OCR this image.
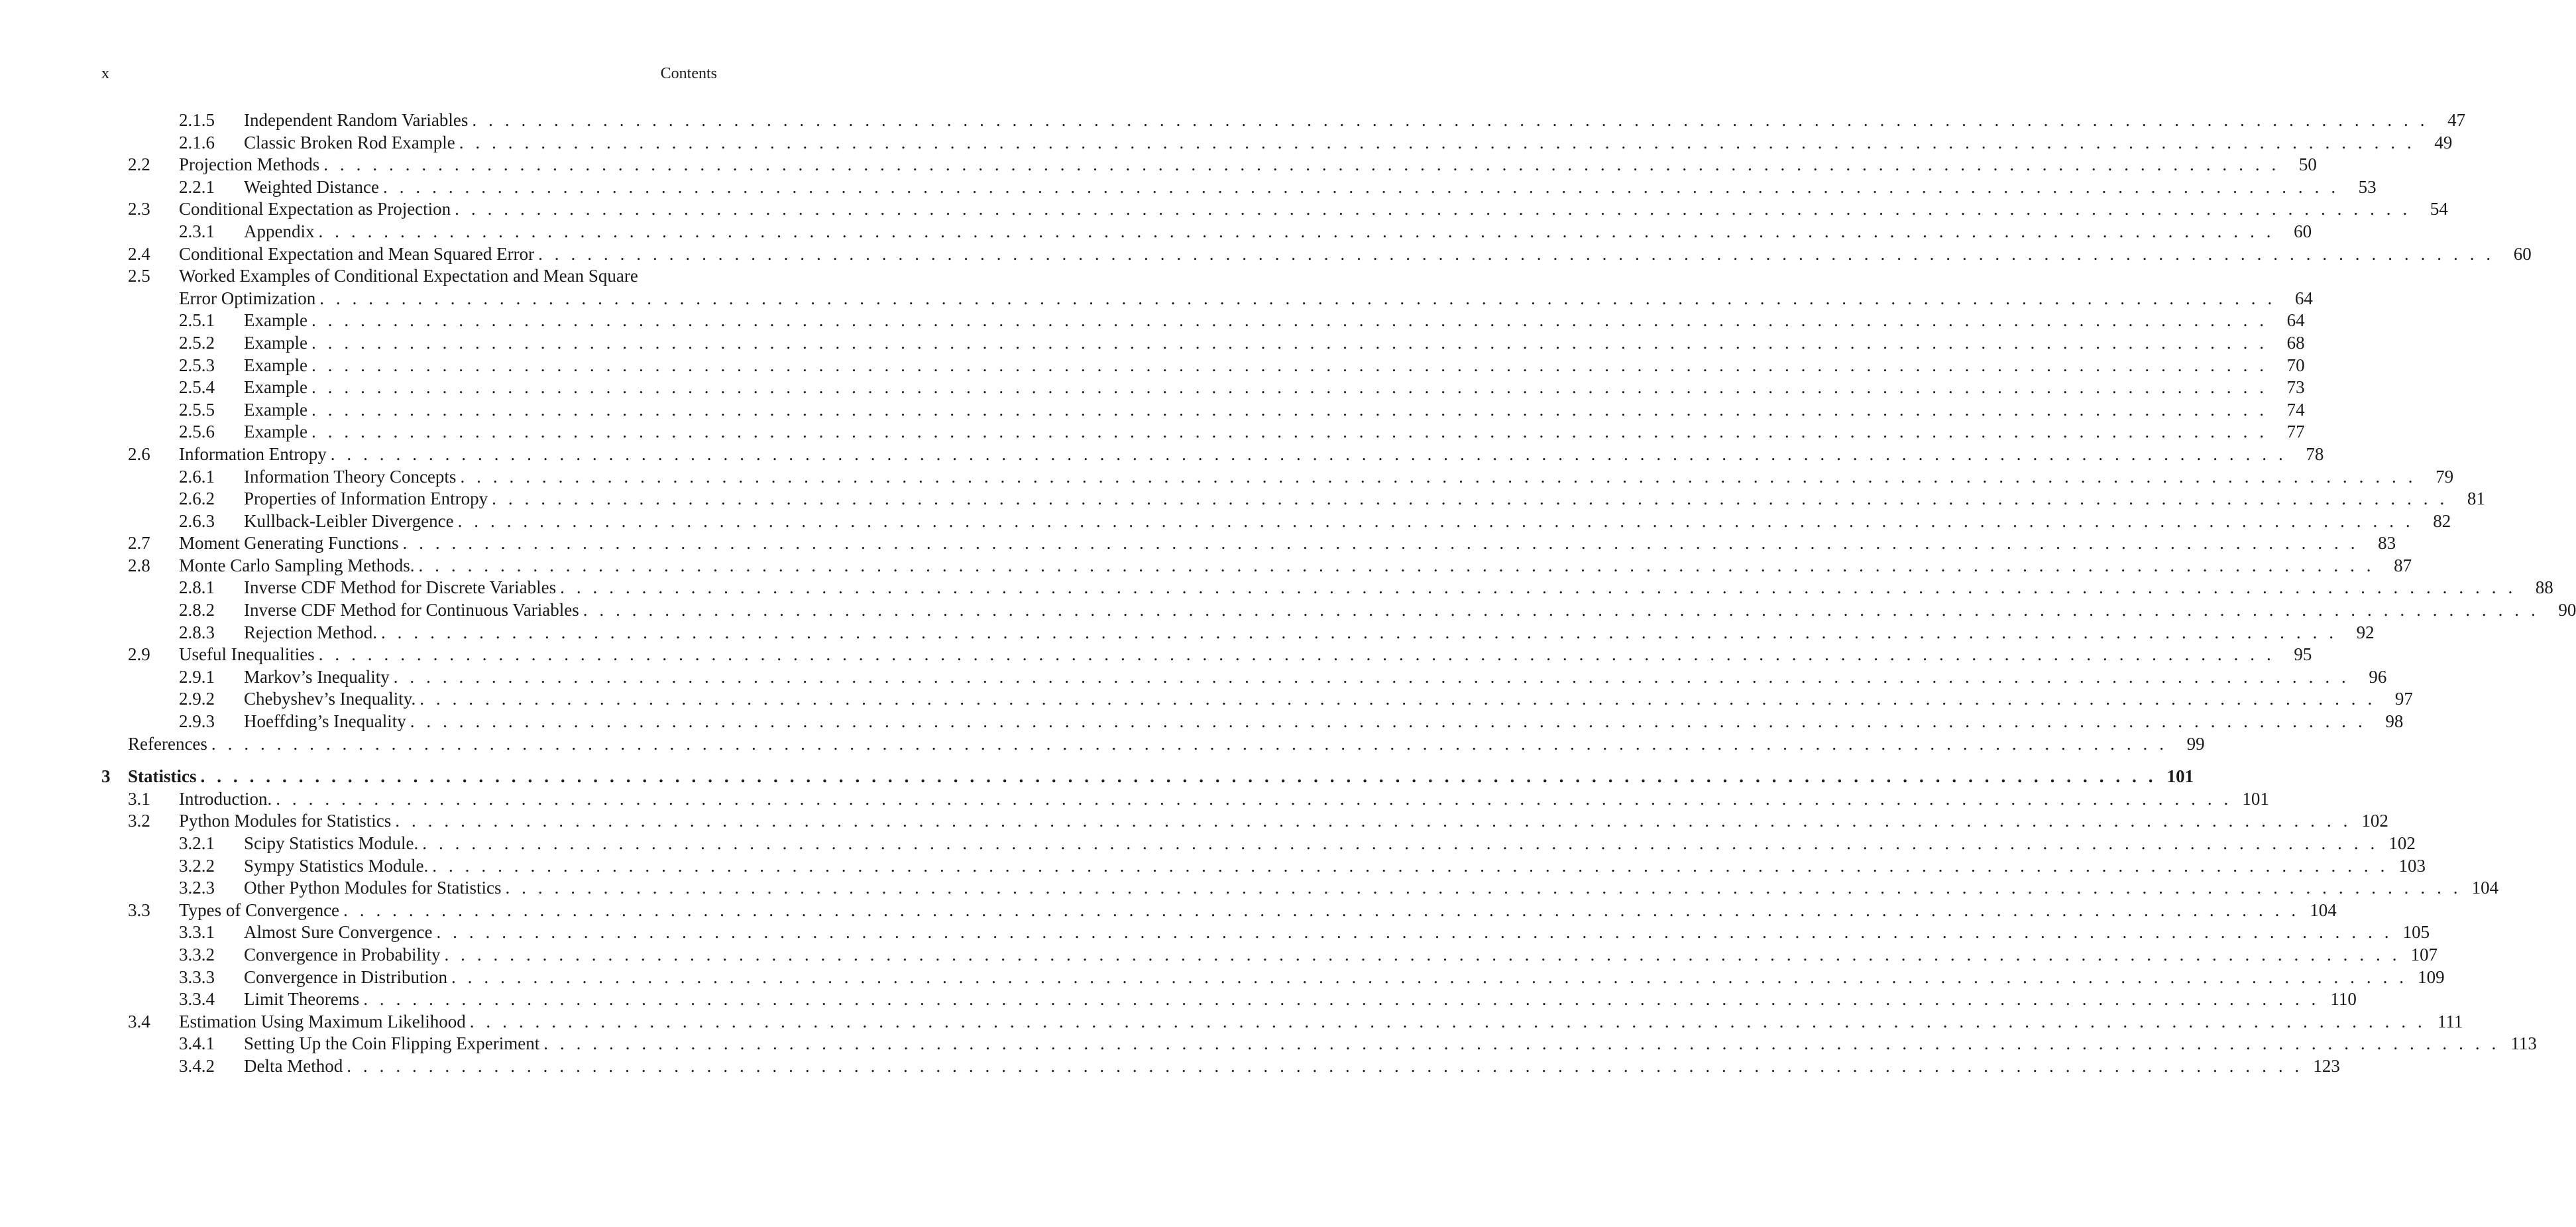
x	Contents
2.1.5 Independent Random Variables . . . . . . . . . . . . . . . . . . . . . . . . . . . . . . . . . . . . . . . . . . . . . . . . . . . . . . . . . . . . . . . . . . . . . . . . . . . . . . . . . . . . . . . . . . . . . . . . . . . . . . . . . . . . . . . . . . . . . . . .	47
2.1.6 Classic Broken Rod Example . . . . . . . . . . . . . . . . . . . . . . . . . . . . . . . . . . . . . . . . . . . . . . . . . . . . . . . . . . . . . . . . . . . . . . . . . . . . . . . . . . . . . . . . . . . . . . . . . . . . . . . . . . . . . . . . . . . . . . . .	49
2.2 Projection Methods . . . . . . . . . . . . . . . . . . . . . . . . . . . . . . . . . . . . . . . . . . . . . . . . . . . . . . . . . . . . . . . . . . . . . . . . . . . . . . . . . . . . . . . . . . . . . . . . . . . . . . . . . . . . . . . . . . . . . . . .	50
2.2.1 Weighted Distance . . . . . . . . . . . . . . . . . . . . . . . . . . . . . . . . . . . . . . . . . . . . . . . . . . . . . . . . . . . . . . . . . . . . . . . . . . . . . . . . . . . . . . . . . . . . . . . . . . . . . . . . . . . . . . . . . . . . . . . .	53
2.3 Conditional Expectation as Projection . . . . . . . . . . . . . . . . . . . . . . . . . . . . . . . . . . . . . . . . . . . . . . . . . . . . . . . . . . . . . . . . . . . . . . . . . . . . . . . . . . . . . . . . . . . . . . . . . . . . . . . . . . . . . . . . . . . . . . . .	54
2.3.1 Appendix . . . . . . . . . . . . . . . . . . . . . . . . . . . . . . . . . . . . . . . . . . . . . . . . . . . . . . . . . . . . . . . . . . . . . . . . . . . . . . . . . . . . . . . . . . . . . . . . . . . . . . . . . . . . . . . . . . . . . . . .	60
2.4 Conditional Expectation and Mean Squared Error . . . . . . . . . . . . . . . . . . . . . . . . . . . . . . . . . . . . . . . . . . . . . . . . . . . . . . . . . . . . . . . . . . . . . . . . . . . . . . . . . . . . . . . . . . . . . . . . . . . . . . . . . . . . . . . . . . . . . . . .	60
2.5 Worked Examples of Conditional Expectation and Mean Square
Error Optimization . . . . . . . . . . . . . . . . . . . . . . . . . . . . . . . . . . . . . . . . . . . . . . . . . . . . . . . . . . . . . . . . . . . . . . . . . . . . . . . . . . . . . . . . . . . . . . . . . . . . . . . . . . . . . . . . . . . . . . . .	64
2.5.1 Example . . . . . . . . . . . . . . . . . . . . . . . . . . . . . . . . . . . . . . . . . . . . . . . . . . . . . . . . . . . . . . . . . . . . . . . . . . . . . . . . . . . . . . . . . . . . . . . . . . . . . . . . . . . . . . . . . . . . . . . .	64
2.5.2 Example . . . . . . . . . . . . . . . . . . . . . . . . . . . . . . . . . . . . . . . . . . . . . . . . . . . . . . . . . . . . . . . . . . . . . . . . . . . . . . . . . . . . . . . . . . . . . . . . . . . . . . . . . . . . . . . . . . . . . . . .	68
2.5.3 Example . . . . . . . . . . . . . . . . . . . . . . . . . . . . . . . . . . . . . . . . . . . . . . . . . . . . . . . . . . . . . . . . . . . . . . . . . . . . . . . . . . . . . . . . . . . . . . . . . . . . . . . . . . . . . . . . . . . . . . . .	70
2.5.4 Example . . . . . . . . . . . . . . . . . . . . . . . . . . . . . . . . . . . . . . . . . . . . . . . . . . . . . . . . . . . . . . . . . . . . . . . . . . . . . . . . . . . . . . . . . . . . . . . . . . . . . . . . . . . . . . . . . . . . . . . .	73
2.5.5 Example . . . . . . . . . . . . . . . . . . . . . . . . . . . . . . . . . . . . . . . . . . . . . . . . . . . . . . . . . . . . . . . . . . . . . . . . . . . . . . . . . . . . . . . . . . . . . . . . . . . . . . . . . . . . . . . . . . . . . . . .	74
2.5.6 Example . . . . . . . . . . . . . . . . . . . . . . . . . . . . . . . . . . . . . . . . . . . . . . . . . . . . . . . . . . . . . . . . . . . . . . . . . . . . . . . . . . . . . . . . . . . . . . . . . . . . . . . . . . . . . . . . . . . . . . . .	77
2.6 Information Entropy . . . . . . . . . . . . . . . . . . . . . . . . . . . . . . . . . . . . . . . . . . . . . . . . . . . . . . . . . . . . . . . . . . . . . . . . . . . . . . . . . . . . . . . . . . . . . . . . . . . . . . . . . . . . . . . . . . . . . . . .	78
2.6.1 Information Theory Concepts . . . . . . . . . . . . . . . . . . . . . . . . . . . . . . . . . . . . . . . . . . . . . . . . . . . . . . . . . . . . . . . . . . . . . . . . . . . . . . . . . . . . . . . . . . . . . . . . . . . . . . . . . . . . . . . . . . . . . . . .	79
2.6.2 Properties of Information Entropy . . . . . . . . . . . . . . . . . . . . . . . . . . . . . . . . . . . . . . . . . . . . . . . . . . . . . . . . . . . . . . . . . . . . . . . . . . . . . . . . . . . . . . . . . . . . . . . . . . . . . . . . . . . . . . . . . . . . . . . .	81
2.6.3 Kullback-Leibler Divergence . . . . . . . . . . . . . . . . . . . . . . . . . . . . . . . . . . . . . . . . . . . . . . . . . . . . . . . . . . . . . . . . . . . . . . . . . . . . . . . . . . . . . . . . . . . . . . . . . . . . . . . . . . . . . . . . . . . . . . . .	82
2.7 Moment Generating Functions . . . . . . . . . . . . . . . . . . . . . . . . . . . . . . . . . . . . . . . . . . . . . . . . . . . . . . . . . . . . . . . . . . . . . . . . . . . . . . . . . . . . . . . . . . . . . . . . . . . . . . . . . . . . . . . . . . . . . . . .	83
2.8 Monte Carlo Sampling Methods. . . . . . . . . . . . . . . . . . . . . . . . . . . . . . . . . . . . . . . . . . . . . . . . . . . . . . . . . . . . . . . . . . . . . . . . . . . . . . . . . . . . . . . . . . . . . . . . . . . . . . . . . . . . . . . . . . . . . . . . .	87
2.8.1 Inverse CDF Method for Discrete Variables . . . . . . . . . . . . . . . . . . . . . . . . . . . . . . . . . . . . . . . . . . . . . . . . . . . . . . . . . . . . . . . . . . . . . . . . . . . . . . . . . . . . . . . . . . . . . . . . . . . . . . . . . . . . . . . . . . . . . . . .	88
2.8.2 Inverse CDF Method for Continuous Variables . . . . . . . . . . . . . . . . . . . . . . . . . . . . . . . . . . . . . . . . . . . . . . . . . . . . . . . . . . . . . . . . . . . . . . . . . . . . . . . . . . . . . . . . . . . . . . . . . . . . . . . . . . . . . . . . . . . . . . . .	90
2.8.3 Rejection Method. . . . . . . . . . . . . . . . . . . . . . . . . . . . . . . . . . . . . . . . . . . . . . . . . . . . . . . . . . . . . . . . . . . . . . . . . . . . . . . . . . . . . . . . . . . . . . . . . . . . . . . . . . . . . . . . . . . . . . . . .	92
2.9 Useful Inequalities . . . . . . . . . . . . . . . . . . . . . . . . . . . . . . . . . . . . . . . . . . . . . . . . . . . . . . . . . . . . . . . . . . . . . . . . . . . . . . . . . . . . . . . . . . . . . . . . . . . . . . . . . . . . . . . . . . . . . . . .	95
2.9.1 Markov’s Inequality . . . . . . . . . . . . . . . . . . . . . . . . . . . . . . . . . . . . . . . . . . . . . . . . . . . . . . . . . . . . . . . . . . . . . . . . . . . . . . . . . . . . . . . . . . . . . . . . . . . . . . . . . . . . . . . . . . . . . . . .	96
2.9.2 Chebyshev’s Inequality. . . . . . . . . . . . . . . . . . . . . . . . . . . . . . . . . . . . . . . . . . . . . . . . . . . . . . . . . . . . . . . . . . . . . . . . . . . . . . . . . . . . . . . . . . . . . . . . . . . . . . . . . . . . . . . . . . . . . . . . .	97
2.9.3 Hoeffding’s Inequality . . . . . . . . . . . . . . . . . . . . . . . . . . . . . . . . . . . . . . . . . . . . . . . . . . . . . . . . . . . . . . . . . . . . . . . . . . . . . . . . . . . . . . . . . . . . . . . . . . . . . . . . . . . . . . . . . . . . . . . .	98
References . . . . . . . . . . . . . . . . . . . . . . . . . . . . . . . . . . . . . . . . . . . . . . . . . . . . . . . . . . . . . . . . . . . . . . . . . . . . . . . . . . . . . . . . . . . . . . . . . . . . . . . . . . . . . . . . . . . . . . . .	99
3 Statistics . . . . . . . . . . . . . . . . . . . . . . . . . . . . . . . . . . . . . . . . . . . . . . . . . . . . . . . . . . . . . . . . . . . . . . . . . . . . . . . . . . . . . . . . . . . . . . . . . . . . . . . . . . . . . . . . . . . . . . . . 101
3.1 Introduction. . . . . . . . . . . . . . . . . . . . . . . . . . . . . . . . . . . . . . . . . . . . . . . . . . . . . . . . . . . . . . . . . . . . . . . . . . . . . . . . . . . . . . . . . . . . . . . . . . . . . . . . . . . . . . . . . . . . . . . . . 101
3.2 Python Modules for Statistics . . . . . . . . . . . . . . . . . . . . . . . . . . . . . . . . . . . . . . . . . . . . . . . . . . . . . . . . . . . . . . . . . . . . . . . . . . . . . . . . . . . . . . . . . . . . . . . . . . . . . . . . . . . . . . . . . . . . . . . . 102
3.2.1 Scipy Statistics Module. . . . . . . . . . . . . . . . . . . . . . . . . . . . . . . . . . . . . . . . . . . . . . . . . . . . . . . . . . . . . . . . . . . . . . . . . . . . . . . . . . . . . . . . . . . . . . . . . . . . . . . . . . . . . . . . . . . . . . . . . 102
3.2.2 Sympy Statistics Module. . . . . . . . . . . . . . . . . . . . . . . . . . . . . . . . . . . . . . . . . . . . . . . . . . . . . . . . . . . . . . . . . . . . . . . . . . . . . . . . . . . . . . . . . . . . . . . . . . . . . . . . . . . . . . . . . . . . . . . . . 103
3.2.3 Other Python Modules for Statistics . . . . . . . . . . . . . . . . . . . . . . . . . . . . . . . . . . . . . . . . . . . . . . . . . . . . . . . . . . . . . . . . . . . . . . . . . . . . . . . . . . . . . . . . . . . . . . . . . . . . . . . . . . . . . . . . . . . . . . . . 104
3.3 Types of Convergence . . . . . . . . . . . . . . . . . . . . . . . . . . . . . . . . . . . . . . . . . . . . . . . . . . . . . . . . . . . . . . . . . . . . . . . . . . . . . . . . . . . . . . . . . . . . . . . . . . . . . . . . . . . . . . . . . . . . . . . . 104
3.3.1 Almost Sure Convergence . . . . . . . . . . . . . . . . . . . . . . . . . . . . . . . . . . . . . . . . . . . . . . . . . . . . . . . . . . . . . . . . . . . . . . . . . . . . . . . . . . . . . . . . . . . . . . . . . . . . . . . . . . . . . . . . . . . . . . . . 105
3.3.2 Convergence in Probability . . . . . . . . . . . . . . . . . . . . . . . . . . . . . . . . . . . . . . . . . . . . . . . . . . . . . . . . . . . . . . . . . . . . . . . . . . . . . . . . . . . . . . . . . . . . . . . . . . . . . . . . . . . . . . . . . . . . . . . . 107
3.3.3 Convergence in Distribution . . . . . . . . . . . . . . . . . . . . . . . . . . . . . . . . . . . . . . . . . . . . . . . . . . . . . . . . . . . . . . . . . . . . . . . . . . . . . . . . . . . . . . . . . . . . . . . . . . . . . . . . . . . . . . . . . . . . . . . . 109
3.3.4 Limit Theorems . . . . . . . . . . . . . . . . . . . . . . . . . . . . . . . . . . . . . . . . . . . . . . . . . . . . . . . . . . . . . . . . . . . . . . . . . . . . . . . . . . . . . . . . . . . . . . . . . . . . . . . . . . . . . . . . . . . . . . . . 110
3.4 Estimation Using Maximum Likelihood . . . . . . . . . . . . . . . . . . . . . . . . . . . . . . . . . . . . . . . . . . . . . . . . . . . . . . . . . . . . . . . . . . . . . . . . . . . . . . . . . . . . . . . . . . . . . . . . . . . . . . . . . . . . . . . . . . . . . . . . 111
3.4.1 Setting Up the Coin Flipping Experiment . . . . . . . . . . . . . . . . . . . . . . . . . . . . . . . . . . . . . . . . . . . . . . . . . . . . . . . . . . . . . . . . . . . . . . . . . . . . . . . . . . . . . . . . . . . . . . . . . . . . . . . . . . . . . . . . . . . . . . . . 113
3.4.2 Delta Method . . . . . . . . . . . . . . . . . . . . . . . . . . . . . . . . . . . . . . . . . . . . . . . . . . . . . . . . . . . . . . . . . . . . . . . . . . . . . . . . . . . . . . . . . . . . . . . . . . . . . . . . . . . . . . . . . . . . . . . . 123
